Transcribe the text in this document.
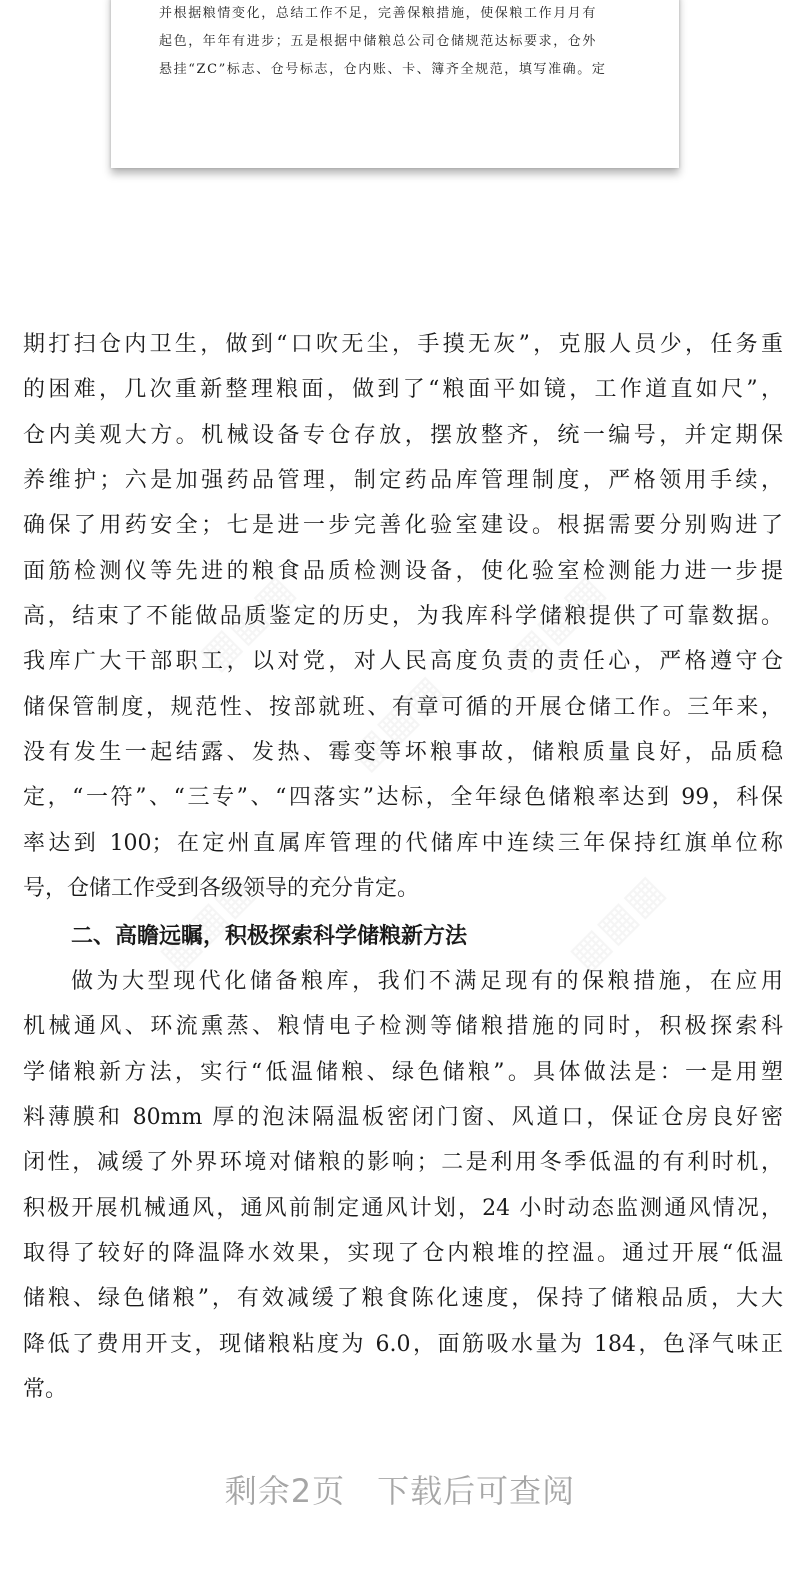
并根据粮情变化，总结工作不足，完善保粮措施，使保粮工作月月有
起色，年年有进步；五是根据中储粮总公司仓储规范达标要求，仓外
悬挂“ZC”标志、仓号标志，仓内账、卡、簿齐全规范，填写准确。定
期打扫仓内卫生，做到“口吹无尘，手摸无灰”，克服人员少，任务重
的困难，几次重新整理粮面，做到了“粮面平如镜，工作道直如尺”，
仓内美观大方。机械设备专仓存放，摆放整齐，统一编号，并定期保
养维护；六是加强药品管理，制定药品库管理制度，严格领用手续，
确保了用药安全；七是进一步完善化验室建设。根据需要分别购进了
面筋检测仪等先进的粮食品质检测设备，使化验室检测能力进一步提
高，结束了不能做品质鉴定的历史，为我库科学储粮提供了可靠数据。
我库广大干部职工，以对党，对人民高度负责的责任心，严格遵守仓
储保管制度，规范性、按部就班、有章可循的开展仓储工作。三年来，
没有发生一起结露、发热、霉变等坏粮事故，储粮质量良好，品质稳
定，“一符”、“三专”、“四落实”达标，全年绿色储粮率达到 99，科保
率达到 100；在定州直属库管理的代储库中连续三年保持红旗单位称
号，仓储工作受到各级领导的充分肯定。
二、高瞻远瞩，积极探索科学储粮新方法
做为大型现代化储备粮库，我们不满足现有的保粮措施，在应用
机械通风、环流熏蒸、粮情电子检测等储粮措施的同时，积极探索科
学储粮新方法，实行“低温储粮、绿色储粮”。具体做法是：一是用塑
料薄膜和 80mm 厚的泡沫隔温板密闭门窗、风道口，保证仓房良好密
闭性，减缓了外界环境对储粮的影响；二是利用冬季低温的有利时机，
积极开展机械通风，通风前制定通风计划，24 小时动态监测通风情况，
取得了较好的降温降水效果，实现了仓内粮堆的控温。通过开展“低温
储粮、绿色储粮”，有效减缓了粮食陈化速度，保持了储粮品质，大大
降低了费用开支，现储粮粘度为 6.0，面筋吸水量为 184，色泽气味正
常。
剩余2页 下载后可查阅
